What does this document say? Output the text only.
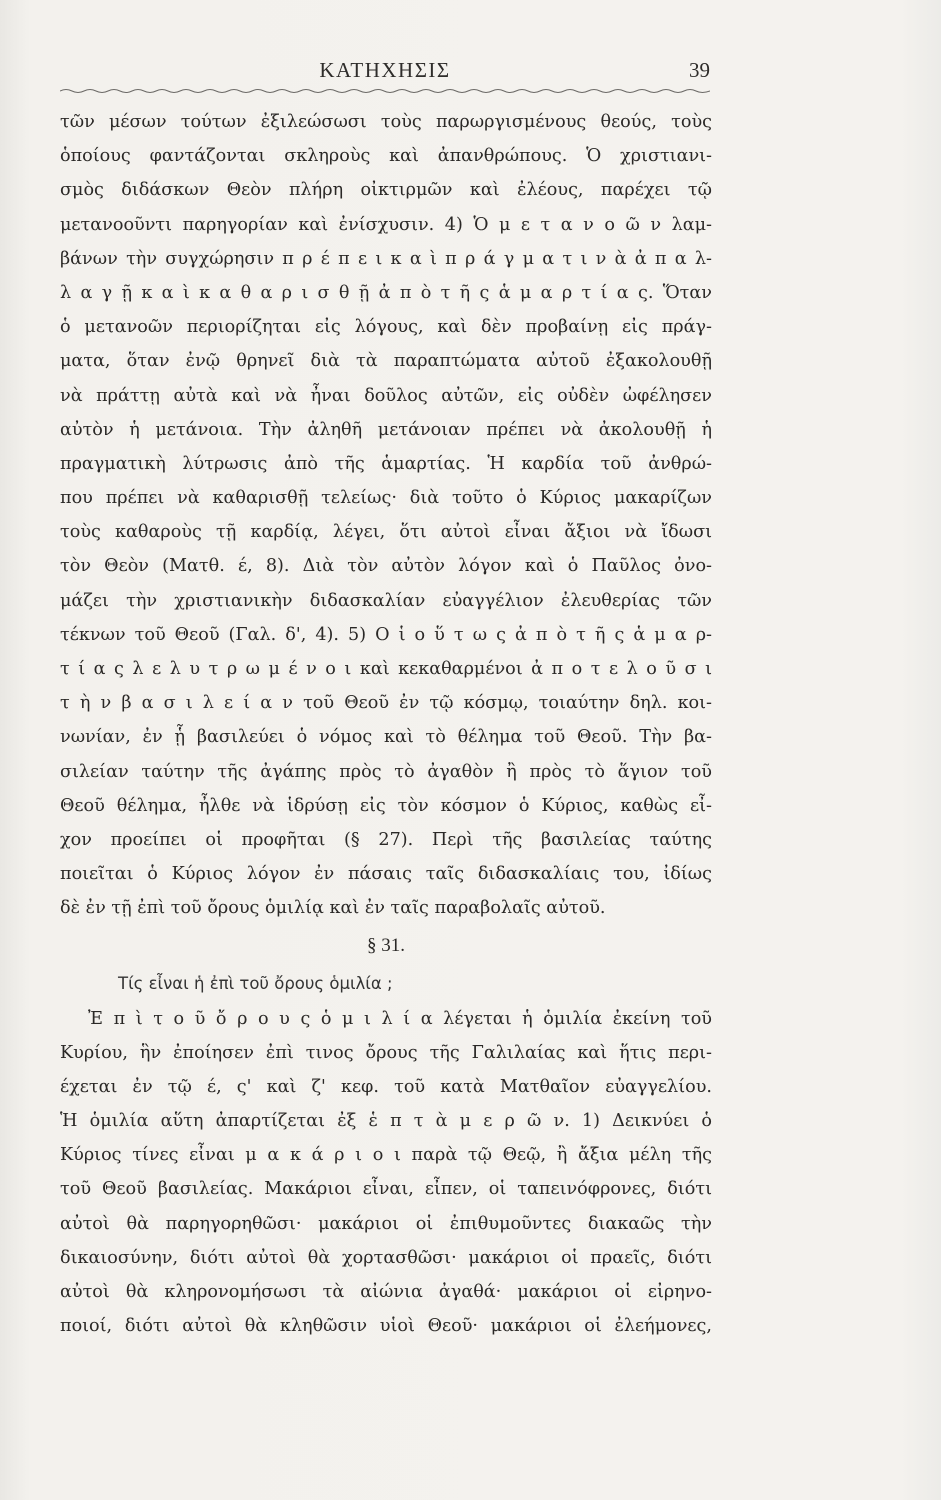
ΚΑΤΗΧΗΣΙΣ	39
τῶν μέσων τούτων ἐξιλεώσωσι τοὺς παρωργισμένους θεούς, τοὺς
ὁποίους φαντάζονται σκληροὺς καὶ ἀπανθρώπους. Ὁ χριστιανι-
σμὸς διδάσκων Θεὸν πλήρη οἰκτιρμῶν καὶ ἐλέους, παρέχει τῷ
μετανοοῦντι παρηγορίαν καὶ ἐνίσχυσιν. 4) Ὁ μ ε τ α ν ο ῶ ν λαμ-
βάνων τὴν συγχώρησιν π ρ έ π ε ι κ α ὶ π ρ ά γ μ α τ ι ν ὰ ἀ π α λ-
λ α γ ῇ κ α ὶ κ α θ α ρ ι σ θ ῇ ἀ π ὸ τ ῆ ς ἁ μ α ρ τ ί α ς. Ὅταν
ὁ μετανοῶν περιορίζηται εἰς λόγους, καὶ δὲν προβαίνῃ εἰς πράγ-
ματα, ὅταν ἐνῷ θρηνεῖ διὰ τὰ παραπτώματα αὐτοῦ ἐξακολουθῇ
νὰ πράττῃ αὐτὰ καὶ νὰ ἦναι δοῦλος αὐτῶν, εἰς οὐδὲν ὠφέλησεν
αὐτὸν ἡ μετάνοια. Τὴν ἀληθῆ μετάνοιαν πρέπει νὰ ἀκολουθῇ ἡ
πραγματικὴ λύτρωσις ἀπὸ τῆς ἁμαρτίας. Ἡ καρδία τοῦ ἀνθρώ-
που πρέπει νὰ καθαρισθῇ τελείως· διὰ τοῦτο ὁ Κύριος μακαρίζων
τοὺς καθαροὺς τῇ καρδίᾳ, λέγει, ὅτι αὐτοὶ εἶναι ἄξιοι νὰ ἴδωσι
τὸν Θεὸν (Ματθ. έ, 8). Διὰ τὸν αὐτὸν λόγον καὶ ὁ Παῦλος ὀνο-
μάζει τὴν χριστιανικὴν διδασκαλίαν εὐαγγέλιον ἐλευθερίας τῶν
τέκνων τοῦ Θεοῦ (Γαλ. δ', 4). 5) Ο ἱ ο ὕ τ ω ς ἀ π ὸ τ ῆ ς ἁ μ α ρ-
τ ί α ς λ ε λ υ τ ρ ω μ έ ν ο ι καὶ κεκαθαρμένοι ἀ π ο τ ε λ ο ῦ σ ι
τ ὴ ν β α σ ι λ ε ί α ν τοῦ Θεοῦ ἐν τῷ κόσμῳ, τοιαύτην δηλ. κοι-
νωνίαν, ἐν ᾗ βασιλεύει ὁ νόμος καὶ τὸ θέλημα τοῦ Θεοῦ. Τὴν βα-
σιλείαν ταύτην τῆς ἀγάπης πρὸς τὸ ἀγαθὸν ἢ πρὸς τὸ ἅγιον τοῦ
Θεοῦ θέλημα, ἦλθε νὰ ἱδρύσῃ εἰς τὸν κόσμον ὁ Κύριος, καθὼς εἶ-
χον προείπει οἱ προφῆται (§ 27). Περὶ τῆς βασιλείας ταύτης
ποιεῖται ὁ Κύριος λόγον ἐν πάσαις ταῖς διδασκαλίαις του, ἰδίως
δὲ ἐν τῇ ἐπὶ τοῦ ὄρους ὁμιλίᾳ καὶ ἐν ταῖς παραβολαῖς αὐτοῦ.
§ 31.
Τίς εἶναι ἡ ἐπὶ τοῦ ὄρους ὁμιλία ;
Ἐ π ὶ τ ο ῦ ὄ ρ ο υ ς ὁ μ ι λ ί α λέγεται ἡ ὁμιλία ἐκείνη τοῦ
Κυρίου, ἣν ἐποίησεν ἐπὶ τινος ὄρους τῆς Γαλιλαίας καὶ ἥτις περι-
έχεται ἐν τῷ έ, ς' καὶ ζ' κεφ. τοῦ κατὰ Ματθαῖον εὐαγγελίου.
Ἡ ὁμιλία αὕτη ἀπαρτίζεται ἐξ ἑ π τ ὰ μ ε ρ ῶ ν. 1) Δεικνύει ὁ
Κύριος τίνες εἶναι μ α κ ά ρ ι ο ι παρὰ τῷ Θεῷ, ἢ ἄξια μέλη τῆς
τοῦ Θεοῦ βασιλείας. Μακάριοι εἶναι, εἶπεν, οἱ ταπεινόφρονες, διότι
αὐτοὶ θὰ παρηγορηθῶσι· μακάριοι οἱ ἐπιθυμοῦντες διακαῶς τὴν
δικαιοσύνην, διότι αὐτοὶ θὰ χορτασθῶσι· μακάριοι οἱ πραεῖς, διότι
αὐτοὶ θὰ κληρονομήσωσι τὰ αἰώνια ἀγαθά· μακάριοι οἱ εἰρηνο-
ποιοί, διότι αὐτοὶ θὰ κληθῶσιν υἱοὶ Θεοῦ· μακάριοι οἱ ἐλεήμονες,
